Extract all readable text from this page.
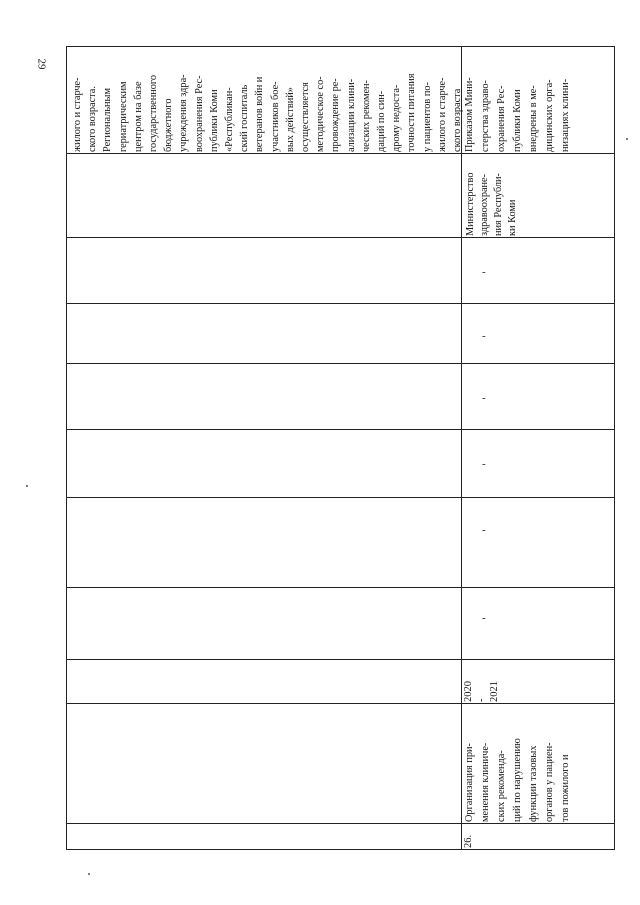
29
жилого и старче-
ского возраста.
Региональным
гериатрическим
центром на базе
государственного
бюджетного
учреждения здра-
воохранения Рес-
публики Коми
«Республикан-
ский госпиталь
ветеранов войн и
участников бое-
вых действий»
осуществляется
методическое со-
провождение ре-
ализации клини-
ческих рекомен-
даций по син-
дрому недоста-
точности питания
у пациентов по-
жилого и старче-
ского возраста
Приказом Мини-
стерства здраво-
охранения Рес-
публики Коми
внедрены в ме-
дицинских орга-
низациях клини-
Министерство
здравоохране-
ния Республи-
ки Коми
-
-
-
-
-
-
2020
-
2021
Организация при-
менения клиниче-
ских рекоменда-
ций по нарушению
функции тазовых
органов у пациен-
тов пожилого и
26.
